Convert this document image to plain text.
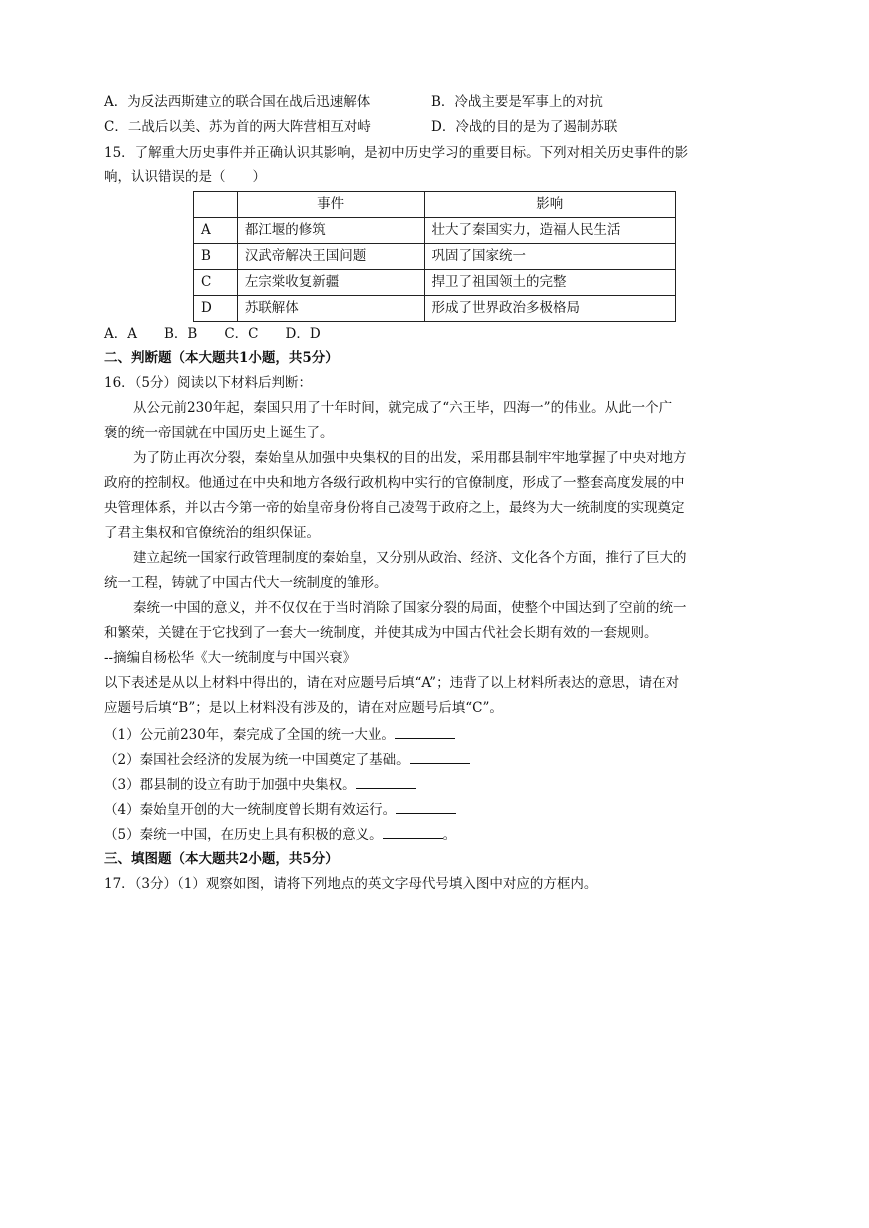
A．为反法西斯建立的联合国在战后迅速解体	B．冷战主要是军事上的对抗
C．二战后以美、苏为首的两大阵营相互对峙	D．冷战的目的是为了遏制苏联
15．了解重大历史事件并正确认识其影响，是初中历史学习的重要目标。下列对相关历史事件的影
响，认识错误的是（　　）
	事件	影响
A	都江堰的修筑	壮大了秦国实力，造福人民生活
B	汉武帝解决王国问题	巩固了国家统一
C	左宗棠收复新疆	捍卫了祖国领土的完整
D	苏联解体	形成了世界政治多极格局
A．A　　B．B　　C．C　　D．D
二、判断题（本大题共1小题，共5分）
16．（5分）阅读以下材料后判断：
从公元前230年起，秦国只用了十年时间，就完成了“六王毕，四海一”的伟业。从此一个广
褒的统一帝国就在中国历史上诞生了。
为了防止再次分裂，秦始皇从加强中央集权的目的出发，采用郡县制牢牢地掌握了中央对地方
政府的控制权。他通过在中央和地方各级行政机构中实行的官僚制度，形成了一整套高度发展的中
央管理体系，并以古今第一帝的始皇帝身份将自己凌驾于政府之上，最终为大一统制度的实现奠定
了君主集权和官僚统治的组织保证。
建立起统一国家行政管理制度的秦始皇，又分别从政治、经济、文化各个方面，推行了巨大的
统一工程，铸就了中国古代大一统制度的雏形。
秦统一中国的意义，并不仅仅在于当时消除了国家分裂的局面，使整个中国达到了空前的统一
和繁荣，关键在于它找到了一套大一统制度，并使其成为中国古代社会长期有效的一套规则。
--摘编自杨松华《大一统制度与中国兴衰》
以下表述是从以上材料中得出的，请在对应题号后填“A”；违背了以上材料所表达的意思，请在对
应题号后填“B”；是以上材料没有涉及的，请在对应题号后填“C”。
（1）公元前230年，秦完成了全国的统一大业。
（2）秦国社会经济的发展为统一中国奠定了基础。
（3）郡县制的设立有助于加强中央集权。
（4）秦始皇开创的大一统制度曾长期有效运行。
（5）秦统一中国，在历史上具有积极的意义。	。
三、填图题（本大题共2小题，共5分）
17．（3分）（1）观察如图，请将下列地点的英文字母代号填入图中对应的方框内。
